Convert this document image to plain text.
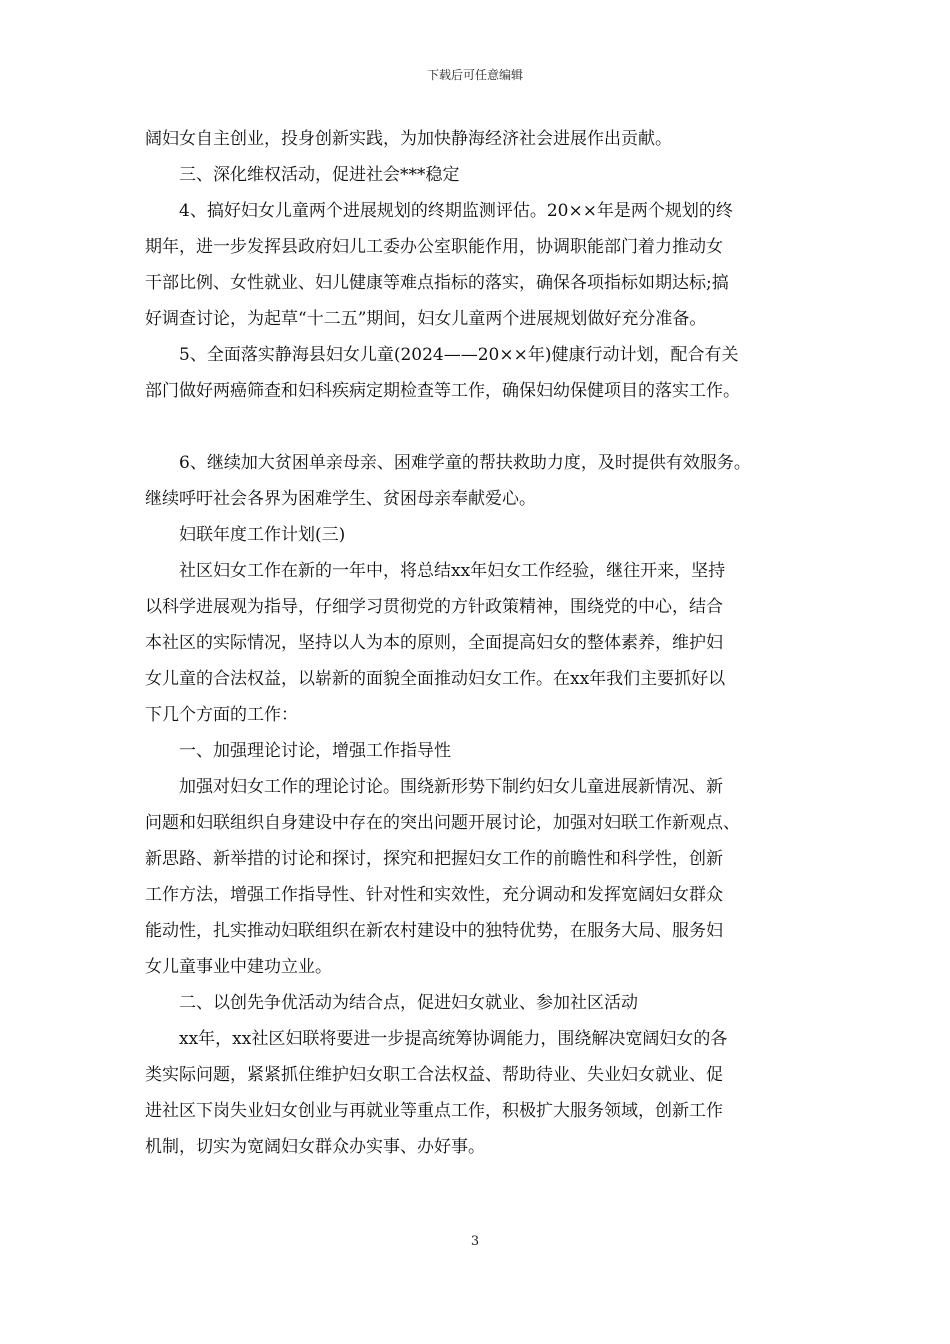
下载后可任意编辑
阔妇女自主创业，投身创新实践，为加快静海经济社会进展作出贡献。
　　三、深化维权活动，促进社会***稳定
　　4、搞好妇女儿童两个进展规划的终期监测评估。20××年是两个规划的终
期年，进一步发挥县政府妇儿工委办公室职能作用，协调职能部门着力推动女
干部比例、女性就业、妇儿健康等难点指标的落实，确保各项指标如期达标;搞
好调查讨论，为起草“十二五”期间，妇女儿童两个进展规划做好充分准备。
　　5、全面落实静海县妇女儿童(2024——20××年)健康行动计划，配合有关
部门做好两癌筛查和妇科疾病定期检查等工作，确保妇幼保健项目的落实工作。
　　6、继续加大贫困单亲母亲、困难学童的帮扶救助力度，及时提供有效服务。
继续呼吁社会各界为困难学生、贫困母亲奉献爱心。
　　妇联年度工作计划(三)
　　社区妇女工作在新的一年中，将总结xx年妇女工作经验，继往开来，坚持
以科学进展观为指导，仔细学习贯彻党的方针政策精神，围绕党的中心，结合
本社区的实际情况，坚持以人为本的原则，全面提高妇女的整体素养，维护妇
女儿童的合法权益，以崭新的面貌全面推动妇女工作。在xx年我们主要抓好以
下几个方面的工作：
　　一、加强理论讨论，增强工作指导性
　　加强对妇女工作的理论讨论。围绕新形势下制约妇女儿童进展新情况、新
问题和妇联组织自身建设中存在的突出问题开展讨论，加强对妇联工作新观点、
新思路、新举措的讨论和探讨，探究和把握妇女工作的前瞻性和科学性，创新
工作方法，增强工作指导性、针对性和实效性，充分调动和发挥宽阔妇女群众
能动性，扎实推动妇联组织在新农村建设中的独特优势，在服务大局、服务妇
女儿童事业中建功立业。
　　二、以创先争优活动为结合点，促进妇女就业、参加社区活动
　　xx年，xx社区妇联将要进一步提高统筹协调能力，围绕解决宽阔妇女的各
类实际问题，紧紧抓住维护妇女职工合法权益、帮助待业、失业妇女就业、促
进社区下岗失业妇女创业与再就业等重点工作，积极扩大服务领域，创新工作
机制，切实为宽阔妇女群众办实事、办好事。
3
